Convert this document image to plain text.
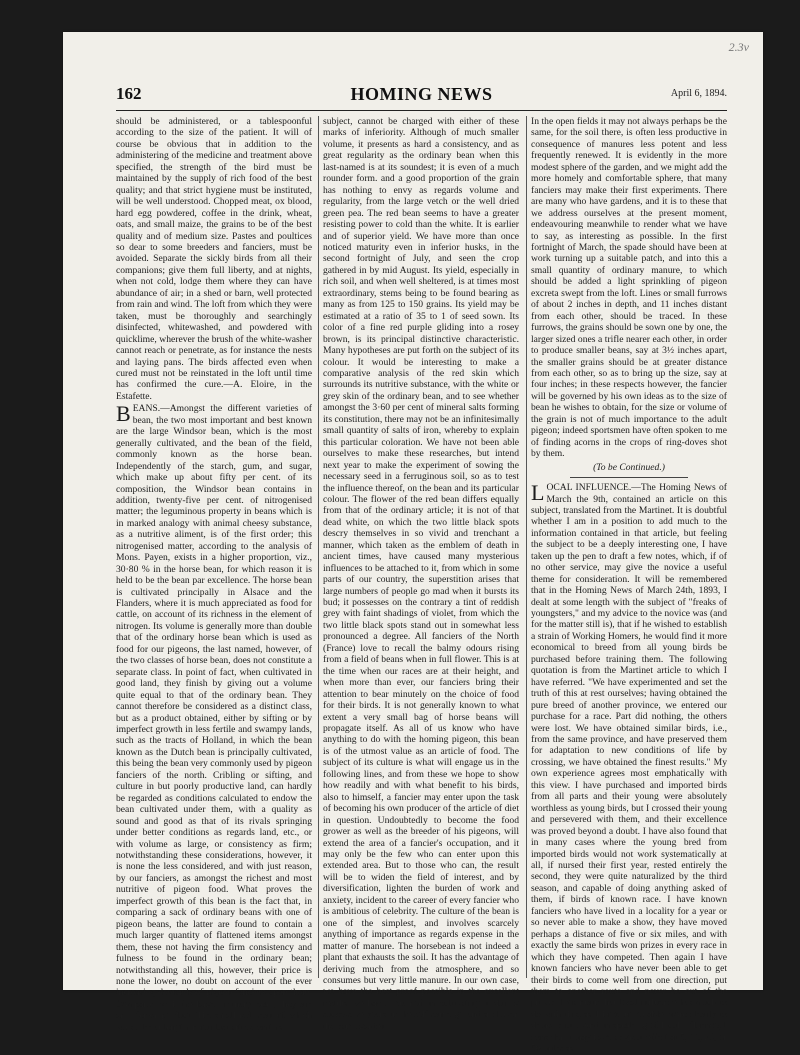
2.3v
162	HOMING NEWS	April 6, 1894.

should be administered, or a tablespoonful according to the size of the patient. It will of course be obvious that in addition to the administering of the medicine and treatment above specified, the strength of the bird must be maintained by the supply of rich food of the best quality; and that strict hygiene must be instituted, will be well understood. Chopped meat, ox blood, hard egg powdered, coffee in the drink, wheat, oats, and small maize, the grains to be of the best quality and of medium size. Pastes and poultices so dear to some breeders and fanciers, must be avoided. Separate the sickly birds from all their companions; give them full liberty, and at nights, when not cold, lodge them where they can have abundance of air; in a shed or barn, well protected from rain and wind. The loft from which they were taken, must be thoroughly and searchingly disinfected, whitewashed, and powdered with quicklime, wherever the brush of the white-washer cannot reach or penetrate, as for instance the nests and laying pans. The birds affected even when cured must not be reinstated in the loft until time has confirmed the cure.—A. Eloire, in the Estafette.

BEANS.—Amongst the different varieties of bean, the two most important and best known are the large Windsor bean, which is the most generally cultivated, and the bean of the field, commonly known as the horse bean. Independently of the starch, gum, and sugar, which make up about fifty per cent. of its composition, the Windsor bean contains in addition, twenty-five per cent. of nitrogenised matter; the leguminous property in beans which is in marked analogy with animal cheesy substance, as a nutritive aliment, is of the first order; this nitrogenised matter, according to the analysis of Mons. Payen, exists in a higher proportion, viz., 30·80 % in the horse bean, for which reason it is held to be the bean par excellence. The horse bean is cultivated principally in Alsace and the Flanders, where it is much appreciated as food for cattle, on account of its richness in the element of nitrogen. Its volume is generally more than double that of the ordinary horse bean which is used as food for our pigeons, the last named, however, of the two classes of horse bean, does not constitute a separate class. In point of fact, when cultivated in good land, they finish by giving out a volume quite equal to that of the ordinary bean. They cannot therefore be considered as a distinct class, but as a product obtained, either by sifting or by imperfect growth in less fertile and swampy lands, such as the tracts of Holland, in which the bean known as the Dutch bean is principally cultivated, this being the bean very commonly used by pigeon fanciers of the north. Cribling or sifting, and culture in but poorly productive land, can hardly be regarded as conditions calculated to endow the bean cultivated under them, with a quality as sound and good as that of its rivals springing under better conditions as regards land, etc., or with volume as large, or consistency as firm; notwithstanding these considerations, however, it is none the less considered, and with just reason, by our fanciers, as amongst the richest and most nutritive of pigeon food. What proves the imperfect growth of this bean is the fact that, in comparing a sack of ordinary beans with one of pigeon beans, the latter are found to contain a much larger quantity of flattened items amongst them, these not having the firm consistency and fulness to be found in the ordinary bean; notwithstanding all this, however, their price is none the lower, no doubt on account of the ever increasing demands of pigeon fanciers upon them. Compared with the large ordinary bean, they are an inferior product. The small red bean of which we spoke at length in our last article on this

subject, cannot be charged with either of these marks of inferiority. Although of much smaller volume, it presents as hard a consistency, and as great regularity as the ordinary bean when this last-named is at its soundest; it is even of a much rounder form. and a good proportion of the grain has nothing to envy as regards volume and regularity, from the large vetch or the well dried green pea. The red bean seems to have a greater resisting power to cold than the white. It is earlier and of superior yield. We have more than once noticed maturity even in inferior husks, in the second fortnight of July, and seen the crop gathered in by mid August. Its yield, especially in rich soil, and when well sheltered, is at times most extraordinary, stems being to be found bearing as many as from 125 to 150 grains. Its yield may be estimated at a ratio of 35 to 1 of seed sown. Its color of a fine red purple gliding into a rosey brown, is its principal distinctive characteristic. Many hypotheses are put forth on the subject of its colour. It would be interesting to make a comparative analysis of the red skin which surrounds its nutritive substance, with the white or grey skin of the ordinary bean, and to see whether amongst the 3·60 per cent of mineral salts forming its constitution, there may not be an infinitesimally small quantity of salts of iron, whereby to explain this particular coloration. We have not been able ourselves to make these researches, but intend next year to make the experiment of sowing the necessary seed in a ferruginous soil, so as to test the influence thereof, on the bean and its particular colour. The flower of the red bean differs equally from that of the ordinary article; it is not of that dead white, on which the two little black spots descry themselves in so vivid and trenchant a manner, which taken as the emblem of death in ancient times, have caused many mysterious influences to be attached to it, from which in some parts of our country, the superstition arises that large numbers of people go mad when it bursts its bud; it possesses on the contrary a tint of reddish grey with faint shadings of violet, from which the two little black spots stand out in somewhat less pronounced a degree. All fanciers of the North (France) love to recall the balmy odours rising from a field of beans when in full flower. This is at the time when our races are at their height, and when more than ever, our fanciers bring their attention to bear minutely on the choice of food for their birds. It is not generally known to what extent a very small bag of horse beans will propagate itself. As all of us know who have anything to do with the homing pigeon, this bean is of the utmost value as an article of food. The subject of its culture is what will engage us in the following lines, and from these we hope to show how readily and with what benefit to his birds, also to himself, a fancier may enter upon the task of becoming his own producer of the article of diet in question. Undoubtedly to become the food grower as well as the breeder of his pigeons, will extend the area of a fancier's occupation, and it may only be the few who can enter upon this extended area. But to those who can, the result will be to widen the field of interest, and by diversification, lighten the burden of work and anxiety, incident to the career of every fancier who is ambitious of celebrity. The culture of the bean is one of the simplest, and involves scarcely anything of importance as regards expense in the matter of manure. The horsebean is not indeed a plant that exhausts the soil. It has the advantage of deriving much from the atmosphere, and so consumes but very little manure. In our own case, we have the best proof possible in the excellent results we have obtained in cultivating it during successive years in the self-same ground and even the same garden.

In the open fields it may not always perhaps be the same, for the soil there, is often less productive in consequence of manures less potent and less frequently renewed. It is evidently in the more modest sphere of the garden, and we might add the more homely and comfortable sphere, that many fanciers may make their first experiments. There are many who have gardens, and it is to these that we address ourselves at the present moment, endeavouring meanwhile to render what we have to say, as interesting as possible. In the first fortnight of March, the spade should have been at work turning up a suitable patch, and into this a small quantity of ordinary manure, to which should be added a light sprinkling of pigeon excreta swept from the loft. Lines or small furrows of about 2 inches in depth, and 11 inches distant from each other, should be traced. In these furrows, the grains should be sown one by one, the larger sized ones a trifle nearer each other, in order to produce smaller beans, say at 3½ inches apart, the smaller grains should be at greater distance from each other, so as to bring up the size, say at four inches; in these respects however, the fancier will be governed by his own ideas as to the size of bean he wishes to obtain, for the size or volume of the grain is not of much importance to the adult pigeon; indeed sportsmen have often spoken to me of finding acorns in the crops of ring-doves shot by them.

(To be Continued.)

LOCAL INFLUENCE.—The Homing News of March the 9th, contained an article on this subject, translated from the Martinet. It is doubtful whether I am in a position to add much to the information contained in that article, but feeling the subject to be a deeply interesting one, I have taken up the pen to draft a few notes, which, if of no other service, may give the novice a useful theme for consideration. It will be remembered that in the Homing News of March 24th, 1893, I dealt at some length with the subject of "freaks of youngsters," and my advice to the novice was (and for the matter still is), that if he wished to establish a strain of Working Homers, he would find it more economical to breed from all young birds be purchased before training them. The following quotation is from the Martinet article to which I have referred. "We have experimented and set the truth of this at rest ourselves; having obtained the pure breed of another province, we entered our purchase for a race. Part did nothing, the others were lost. We have obtained similar birds, i.e., from the same province, and have preserved them for adaptation to new conditions of life by crossing, we have obtained the finest results." My own experience agrees most emphatically with this view. I have purchased and imported birds from all parts and their young were absolutely worthless as young birds, but I crossed their young and persevered with them, and their excellence was proved beyond a doubt. I have also found that in many cases where the young bred from imported birds would not work systematically at all, if nursed their first year, rested entirely the second, they were quite naturalized by the third season, and capable of doing anything asked of them, if birds of known race. I have known fanciers who have lived in a locality for a year or so never able to make a show, they have moved perhaps a distance of five or six miles, and with exactly the same birds won prizes in every race in which they have competed. Then again I have known fanciers who have never been able to get their birds to come well from one direction, put them to another route and never be out of the prizes. I maintain that local influence has much to do with this, as I hope to be able more clearly to demonstrate. And in speaking of local influence, I consider it may have as great effect at 5, 10, 20, or 50 miles as
